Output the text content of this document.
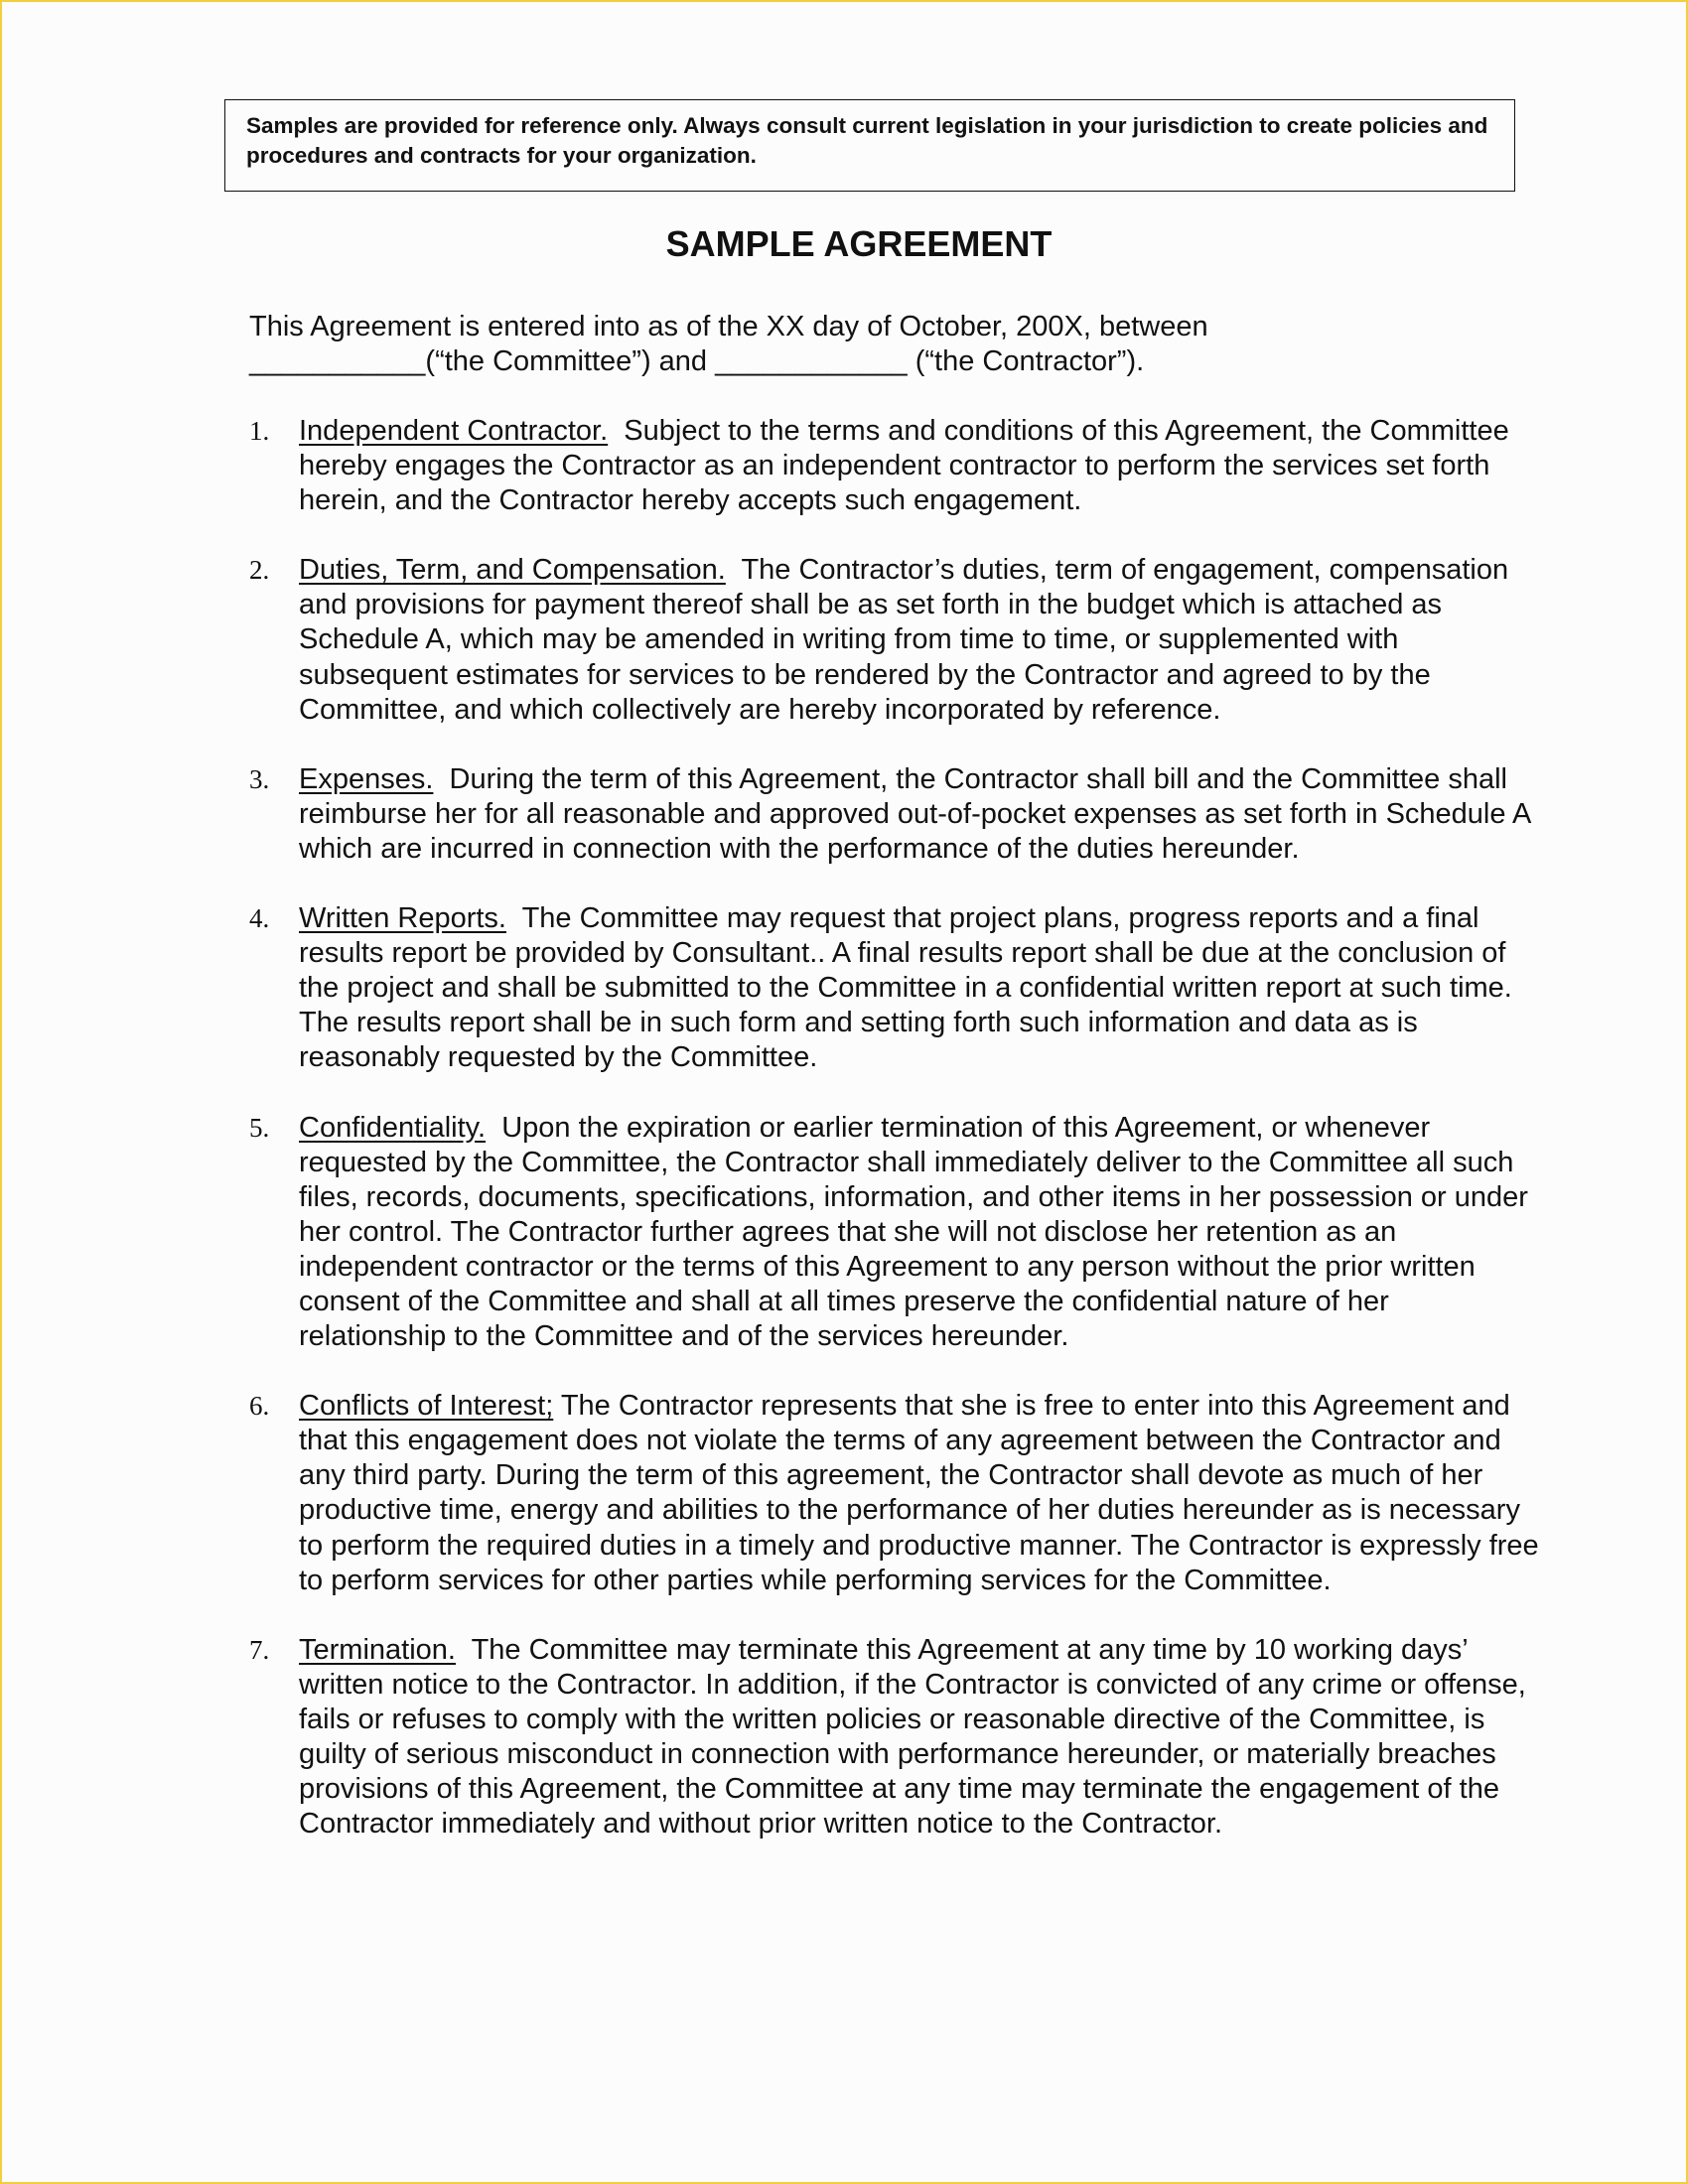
Samples are provided for reference only. Always consult current legislation in your jurisdiction to create policies and procedures and contracts for your organization.
SAMPLE AGREEMENT

This Agreement is entered into as of the XX day of October, 200X, between
___________(“the Committee”) and ____________ (“the Contractor”).

1. Independent Contractor. Subject to the terms and conditions of this Agreement, the Committee hereby engages the Contractor as an independent contractor to perform the services set forth herein, and the Contractor hereby accepts such engagement.
2. Duties, Term, and Compensation. The Contractor’s duties, term of engagement, compensation and provisions for payment thereof shall be as set forth in the budget which is attached as Schedule A, which may be amended in writing from time to time, or supplemented with subsequent estimates for services to be rendered by the Contractor and agreed to by the Committee, and which collectively are hereby incorporated by reference.
3. Expenses. During the term of this Agreement, the Contractor shall bill and the Committee shall reimburse her for all reasonable and approved out-of-pocket expenses as set forth in Schedule A which are incurred in connection with the performance of the duties hereunder.
4. Written Reports. The Committee may request that project plans, progress reports and a final results report be provided by Consultant.. A final results report shall be due at the conclusion of the project and shall be submitted to the Committee in a confidential written report at such time. The results report shall be in such form and setting forth such information and data as is reasonably requested by the Committee.
5. Confidentiality. Upon the expiration or earlier termination of this Agreement, or whenever requested by the Committee, the Contractor shall immediately deliver to the Committee all such files, records, documents, specifications, information, and other items in her possession or under her control. The Contractor further agrees that she will not disclose her retention as an independent contractor or the terms of this Agreement to any person without the prior written consent of the Committee and shall at all times preserve the confidential nature of her relationship to the Committee and of the services hereunder.
6. Conflicts of Interest; The Contractor represents that she is free to enter into this Agreement and that this engagement does not violate the terms of any agreement between the Contractor and any third party. During the term of this agreement, the Contractor shall devote as much of her productive time, energy and abilities to the performance of her duties hereunder as is necessary to perform the required duties in a timely and productive manner. The Contractor is expressly free to perform services for other parties while performing services for the Committee.
7. Termination. The Committee may terminate this Agreement at any time by 10 working days’ written notice to the Contractor. In addition, if the Contractor is convicted of any crime or offense, fails or refuses to comply with the written policies or reasonable directive of the Committee, is guilty of serious misconduct in connection with performance hereunder, or materially breaches provisions of this Agreement, the Committee at any time may terminate the engagement of the Contractor immediately and without prior written notice to the Contractor.
